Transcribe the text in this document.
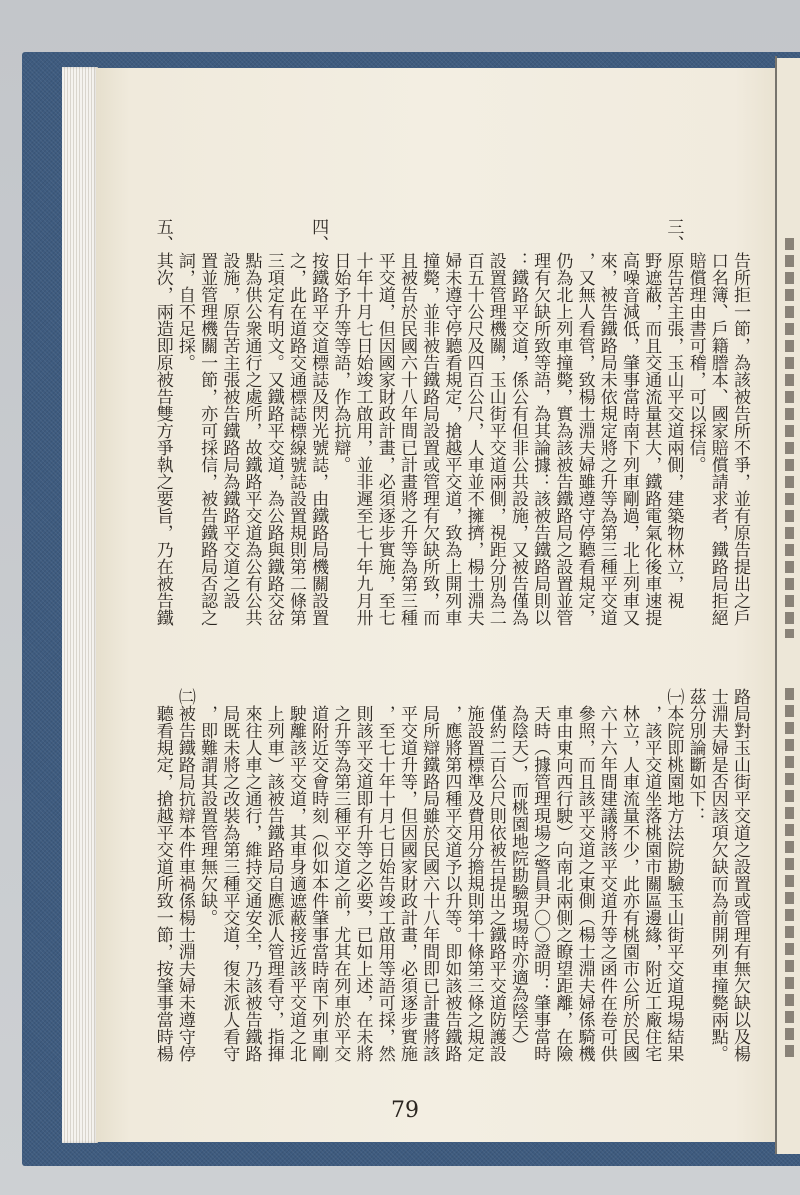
告所拒一節，為該被告所不爭，並有原告提出之戶
口名簿、戶籍謄本、國家賠償請求者，鐵路局拒絕
賠償理由書可稽，可以採信。
三、原告苦主張，玉山平交道兩側，建築物林立，視
野遮蔽，而且交通流量甚大，鐵路電氣化後車速提
高噪音減低，肇事當時南下列車剛過，北上列車又
來，被告鐵路局未依規定將之升等為第三種平交道
，又無人看管，致楊士淵夫婦雖遵守停聽看規定，
仍為北上列車撞斃，實為該被告鐵路局之設置並管
理有欠缺所致等語，為其論據：該被告鐵路局則以
：鐵路平交道，係公有但非公共設施，又被告僅為
設置管理機關，玉山街平交道兩側，視距分別為二
百五十公尺及四百公尺，人車並不擁擠，楊士淵夫
婦未遵守停聽看規定，搶越平交道，致為上開列車
撞斃，並非被告鐵路局設置或管理有欠缺所致，而
且被告於民國六十八年間已計畫將之升等為第三種
平交道，但因國家財政計畫，必須逐步實施，至七
十年十月七日始竣工啟用，並非遲至七十年九月卅
日始予升等等語，作為抗辯。
四、按鐵路平交道標誌及閃光號誌，由鐵路局機關設置
之，此在道路交通標誌標線號誌設置規則第二條第
三項定有明文。又鐵路平交道，為公路與鐵路交岔
點為供公衆通行之處所，故鐵路平交道為公有公共
設施，原告苦主張被告鐵路局為鐵路平交道之設
置並管理機關一節，亦可採信，被告鐵路局否認之
詞，自不足採。
五、其次，兩造即原被告雙方爭執之要旨，乃在被告鐵
路局對玉山街平交道之設置或管理有無欠缺以及楊
士淵夫婦是否因該項欠缺而為前開列車撞斃兩點。
茲分別論斷如下：
㈠本院即桃園地方法院勘驗玉山街平交道現場結果
，該平交道坐落桃園市關區邊緣，附近工廠住宅
林立，人車流量不少，此亦有桃園市公所於民國
六十六年間建議將該平交道升等之函件在卷可供
參照，而且該平交道之東側（楊士淵夫婦係騎機
車由東向西行駛）向南北兩側之瞭望距離，在險
天時（據管理現場之警員尹〇〇證明：肇事當時
為陰天），而桃園地院勘驗現場時亦適為陰天）
僅約二百公尺則依被告提出之鐵路平交道防護設
施設置標準及費用分擔規則第十條第三條之規定
，應將第四種平交道予以升等。即如該被告鐵路
局所辯鐵路局雖於民國六十八年間即已計畫將該
平交道升等，但因國家財政計畫，必須逐步實施
，至七十年十月七日始告竣工啟用等語可採，然
則該平交道即有升等之必要，已如上述，在未將
之升等為第三種平交道之前，尤其在列車於平交
道附近交會時刻（似如本件肇事當時南下列車剛
駛離該平交道，其車身適遮蔽接近該平交道之北
上列車）該被告鐵路局自應派人管理看守，指揮
來往人車之通行，維持交通安全，乃該被告鐵路
局既未將之改裝為第三種平交道，復未派人看守
，即難謂其設置管理無欠缺。
㈡被告鐵路局抗辯本件車禍係楊士淵夫婦未遵守停
聽看規定，搶越平交道所致一節，按肇事當時楊
79
